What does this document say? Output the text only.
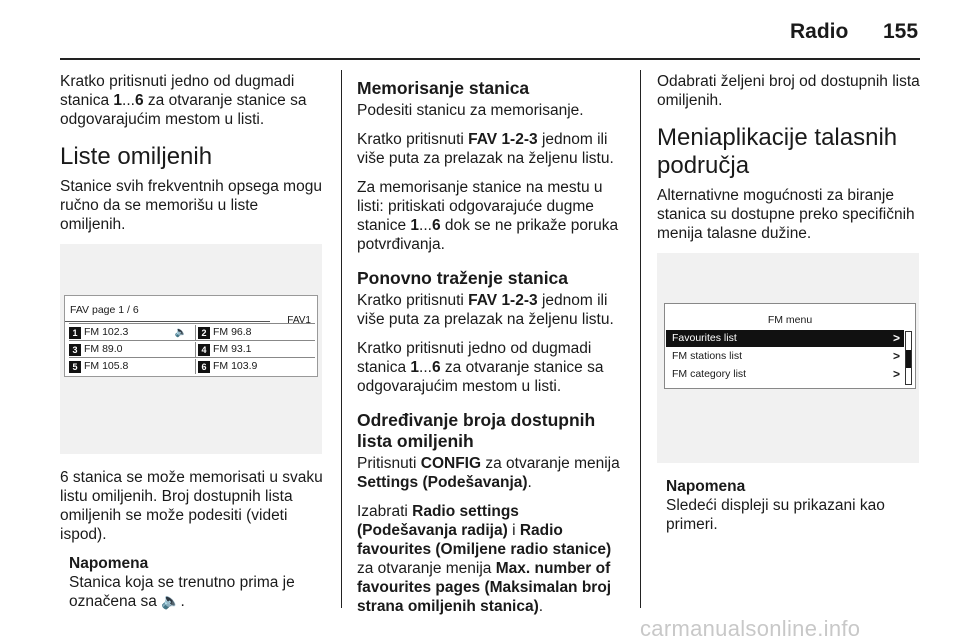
Radio 155

Kratko pritisnuti jedno od dugmadi stanica 1...6 za otvaranje stanice sa odgovarajućim mestom u listi.

Liste omiljenih

Stanice svih frekventnih opsega mogu ručno da se memorišu u liste omiljenih.

FAV page 1 / 6
FAV1
1 FM 102.3	🔈	2 FM 96.8
3 FM 89.0	4 FM 93.1
5 FM 105.8	6 FM 103.9

6 stanica se može memorisati u svaku listu omiljenih. Broj dostupnih lista omiljenih se može podesiti (videti ispod).

Napomena
Stanica koja se trenutno prima je označena sa 🔈.
Memorisanje stanica

Podesiti stanicu za memorisanje.

Kratko pritisnuti FAV 1-2-3 jednom ili više puta za prelazak na željenu listu.

Za memorisanje stanice na mestu u listi: pritiskati odgovarajuće dugme stanice 1...6 dok se ne prikaže poruka potvrđivanja.

Ponovno traženje stanica

Kratko pritisnuti FAV 1-2-3 jednom ili više puta za prelazak na željenu listu.

Kratko pritisnuti jedno od dugmadi stanica 1...6 za otvaranje stanice sa odgovarajućim mestom u listi.

Određivanje broja dostupnih lista omiljenih

Pritisnuti CONFIG za otvaranje menija Settings (Podešavanja).

Izabrati Radio settings (Podešavanja radija) i Radio favourites (Omiljene radio stanice) za otvaranje menija Max. number of favourites pages (Maksimalan broj strana omiljenih stanica).

Odabrati željeni broj od dostupnih lista omiljenih.

Meniaplikacije talasnih područja

Alternativne mogućnosti za biranje stanica su dostupne preko specifičnih menija talasne dužine.

FM menu
Favourites list	>
FM stations list	>
FM category list	>
Napomena
Sledeći displeji su prikazani kao primeri.
carmanualsonline.info
